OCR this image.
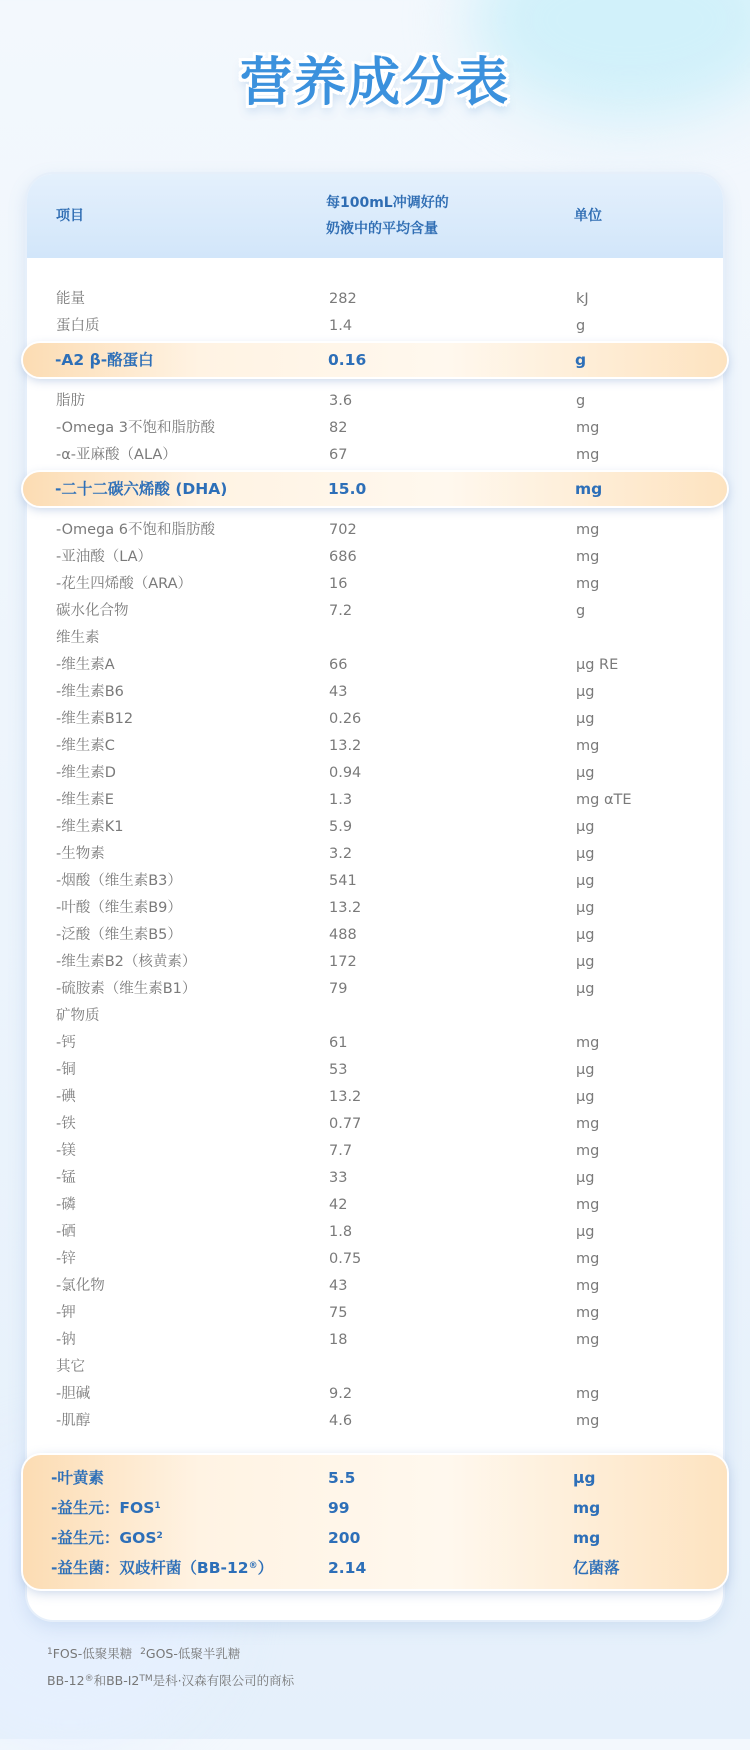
营养成分表
项目
每100mL冲调好的
奶液中的平均含量
单位
能量	282	kJ
蛋白质	1.4	g
-A2 β-酪蛋白	0.16	g
脂肪	3.6	g
-Omega 3不饱和脂肪酸	82	mg
-α-亚麻酸（ALA）	67	mg
-二十二碳六烯酸 (DHA)	15.0	mg
-Omega 6不饱和脂肪酸	702	mg
-亚油酸（LA）	686	mg
-花生四烯酸（ARA）	16	mg
碳水化合物	7.2	g
维生素
-维生素A	66	μg RE
-维生素B6	43	μg
-维生素B12	0.26	μg
-维生素C	13.2	mg
-维生素D	0.94	μg
-维生素E	1.3	mg αTE
-维生素K1	5.9	μg
-生物素	3.2	μg
-烟酸（维生素B3）	541	μg
-叶酸（维生素B9）	13.2	μg
-泛酸（维生素B5）	488	μg
-维生素B2（核黄素）	172	μg
-硫胺素（维生素B1）	79	μg
矿物质
-钙	61	mg
-铜	53	μg
-碘	13.2	μg
-铁	0.77	mg
-镁	7.7	mg
-锰	33	μg
-磷	42	mg
-硒	1.8	μg
-锌	0.75	mg
-氯化物	43	mg
-钾	75	mg
-钠	18	mg
其它
-胆碱	9.2	mg
-肌醇	4.6	mg
-叶黄素	5.5	μg
-益生元：FOS$^1$	99	mg
-益生元：GOS$^2$	200	mg
-益生菌：双歧杆菌（BB-12®）	2.14	亿菌落
$^1$FOS-低聚果糖 $^2$GOS-低聚半乳糖
BB-12®和BB-I2™是科·汉森有限公司的商标
